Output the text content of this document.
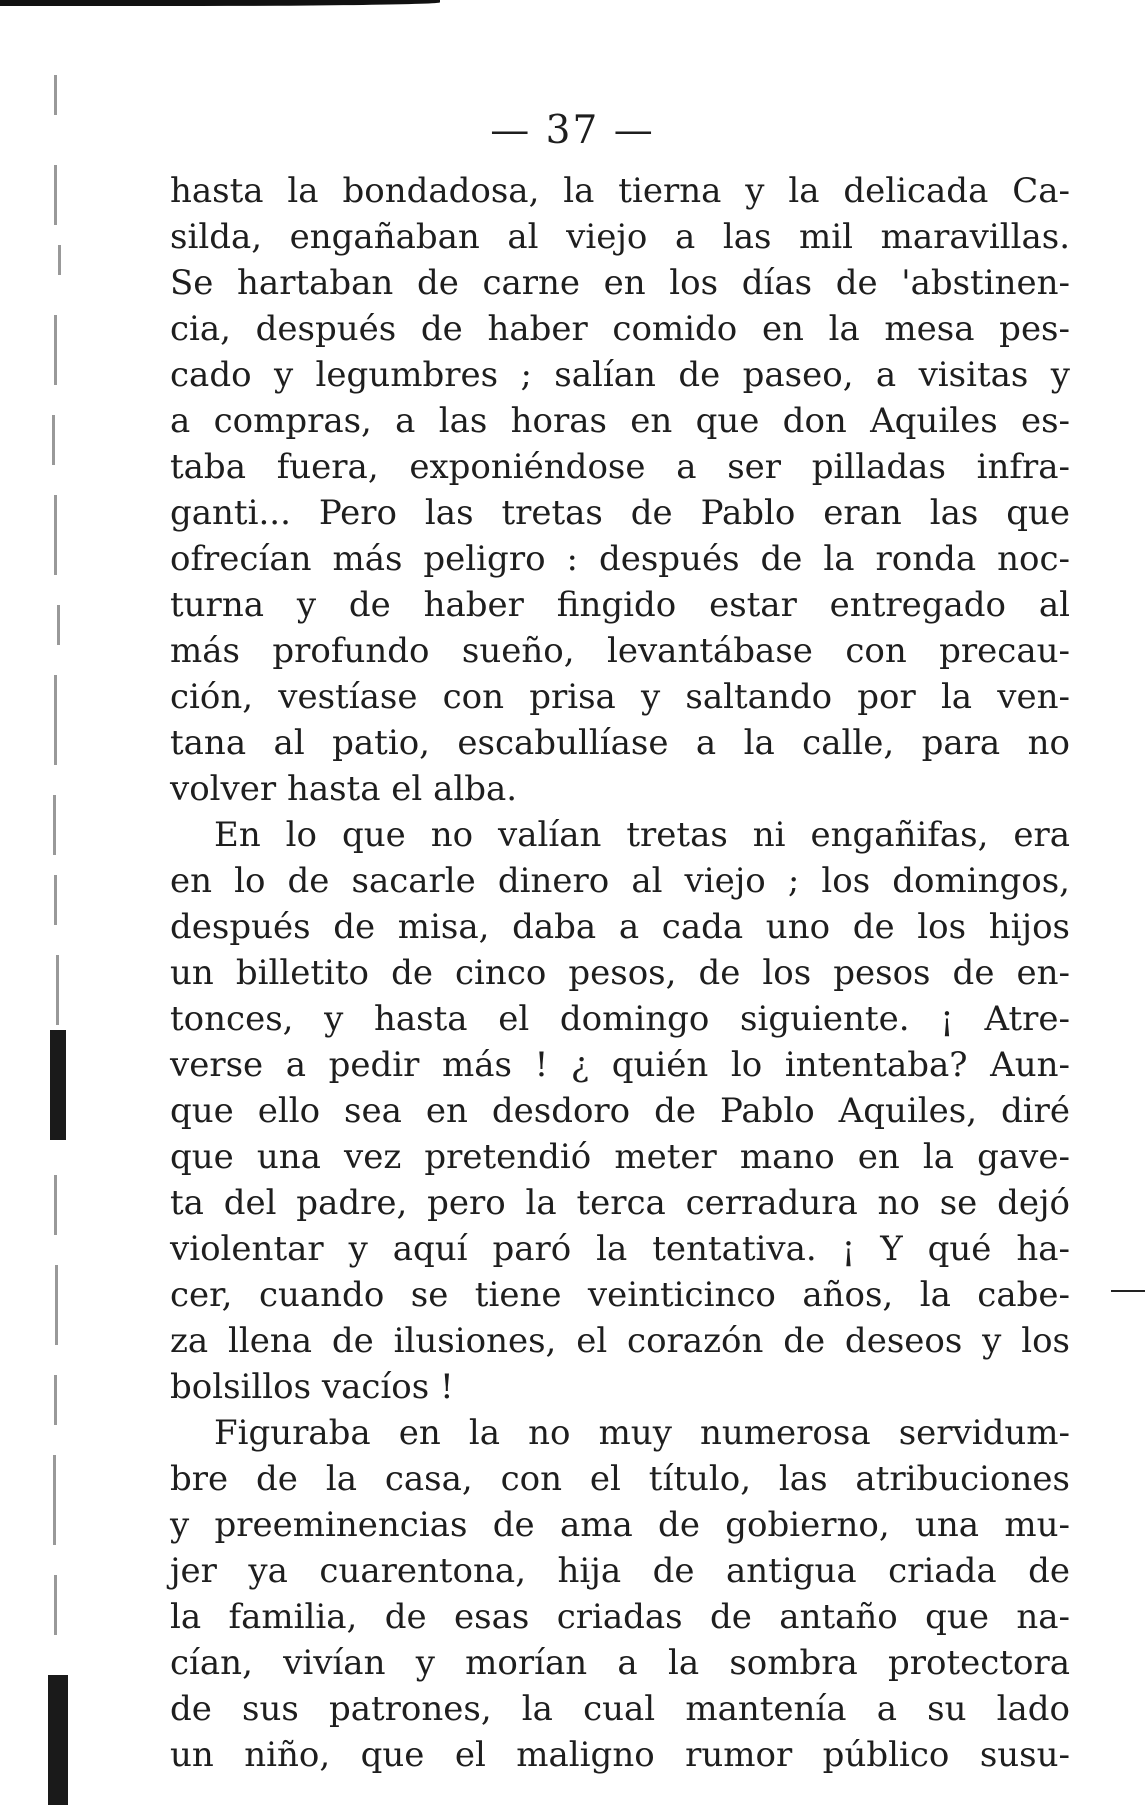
— 37 —
hasta la bondadosa, la tierna y la delicada Ca-
silda, engañaban al viejo a las mil maravillas.
Se hartaban de carne en los días de 'abstinen-
cia, después de haber comido en la mesa pes-
cado y legumbres ; salían de paseo, a visitas y
a compras, a las horas en que don Aquiles es-
taba fuera, exponiéndose a ser pilladas infra-
ganti... Pero las tretas de Pablo eran las que
ofrecían más peligro : después de la ronda noc-
turna y de haber fingido estar entregado al
más profundo sueño, levantábase con precau-
ción, vestíase con prisa y saltando por la ven-
tana al patio, escabullíase a la calle, para no
volver hasta el alba.
En lo que no valían tretas ni engañifas, era
en lo de sacarle dinero al viejo ; los domingos,
después de misa, daba a cada uno de los hijos
un billetito de cinco pesos, de los pesos de en-
tonces, y hasta el domingo siguiente. ¡ Atre-
verse a pedir más ! ¿ quién lo intentaba? Aun-
que ello sea en desdoro de Pablo Aquiles, diré
que una vez pretendió meter mano en la gave-
ta del padre, pero la terca cerradura no se dejó
violentar y aquí paró la tentativa. ¡ Y qué ha-
cer, cuando se tiene veinticinco años, la cabe-
za llena de ilusiones, el corazón de deseos y los
bolsillos vacíos !
Figuraba en la no muy numerosa servidum-
bre de la casa, con el título, las atribuciones
y preeminencias de ama de gobierno, una mu-
jer ya cuarentona, hija de antigua criada de
la familia, de esas criadas de antaño que na-
cían, vivían y morían a la sombra protectora
de sus patrones, la cual mantenía a su lado
un niño, que el maligno rumor público susu-
